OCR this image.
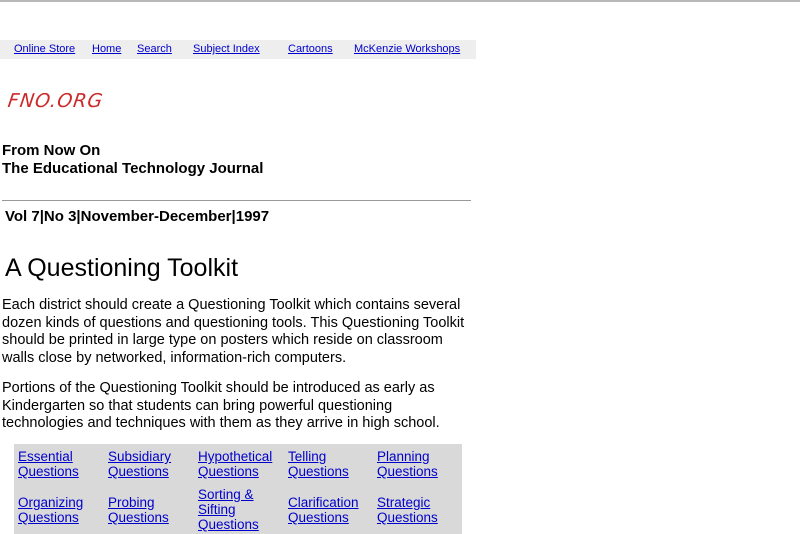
Online Store Home Search Subject Index	Cartoons McKenzie Workshops
FNO.ORG
From Now On
The Educational Technology Journal
Vol 7|No 3|November-December|1997
A Questioning Toolkit

Each district should create a Questioning Toolkit which contains several dozen kinds of questions and questioning tools. This Questioning Toolkit should be printed in large type on posters which reside on classroom walls close by networked, information-rich computers.

Portions of the Questioning Toolkit should be introduced as early as Kindergarten so that students can bring powerful questioning technologies and techniques with them as they arrive in high school.

Essential Questions
Subsidiary Questions
Hypothetical Questions
Telling Questions
Planning Questions
Organizing Questions
Probing Questions
Sorting & Sifting Questions
Clarification Questions
Strategic Questions
